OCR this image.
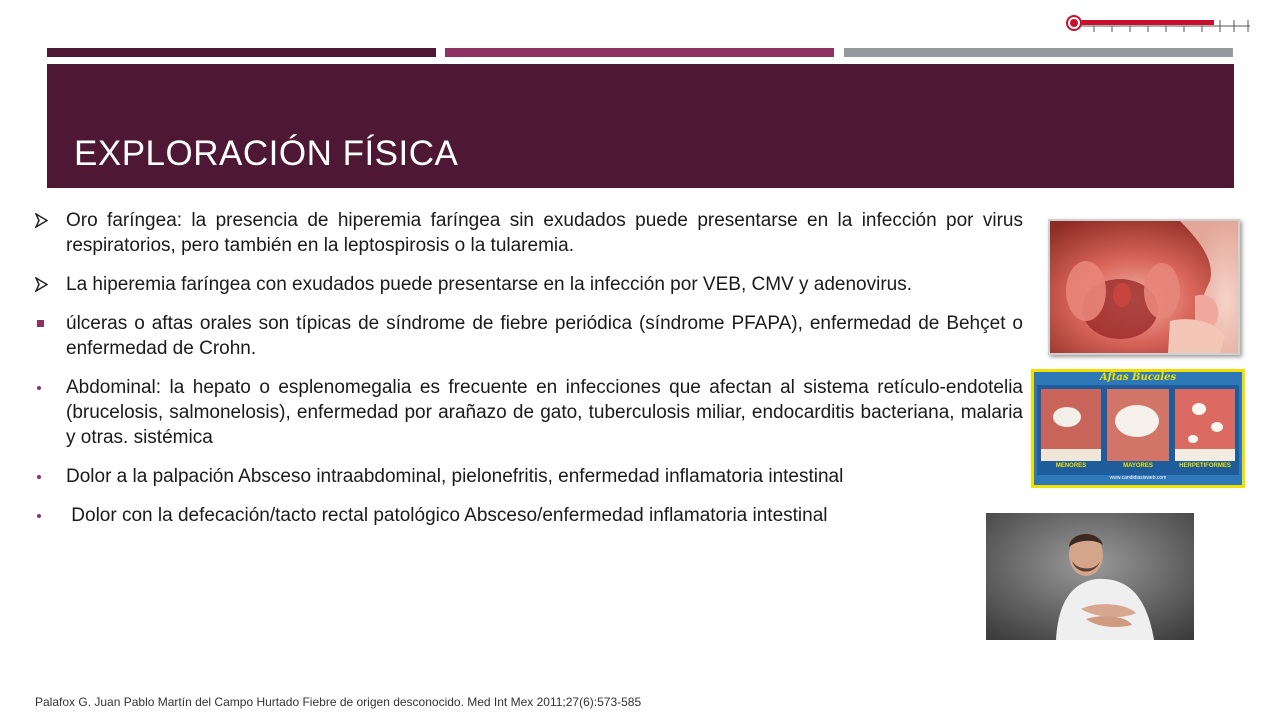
EXPLORACIÓN FÍSICA
Oro faríngea: la presencia de hiperemia faríngea sin exudados puede presentarse en la infección por virus respiratorios, pero también en la leptospirosis o la tularemia.
La hiperemia faríngea con exudados puede presentarse en la infección por VEB, CMV y adenovirus.
úlceras o aftas orales son típicas de síndrome de fiebre periódica (síndrome PFAPA), enfermedad de Behçet o enfermedad de Crohn.
Abdominal: la hepato o esplenomegalia es frecuente en infecciones que afectan al sistema retículo-endotelia (brucelosis, salmonelosis), enfermedad por arañazo de gato, tuberculosis miliar, endocarditis bacteriana, malaria y otras. sistémica
Dolor a la palpación Absceso intraabdominal, pielonefritis, enfermedad inflamatoria intestinal
Dolor con la defecación/tacto rectal patológico Absceso/enfermedad inflamatoria intestinal
Aftas Bucales
MENORES	MAYORES	HERPETIFORMES
www.candidiasisweb.com
Palafox G. Juan Pablo Martín del Campo Hurtado Fiebre de origen desconocido. Med Int Mex 2011;27(6):573-585
